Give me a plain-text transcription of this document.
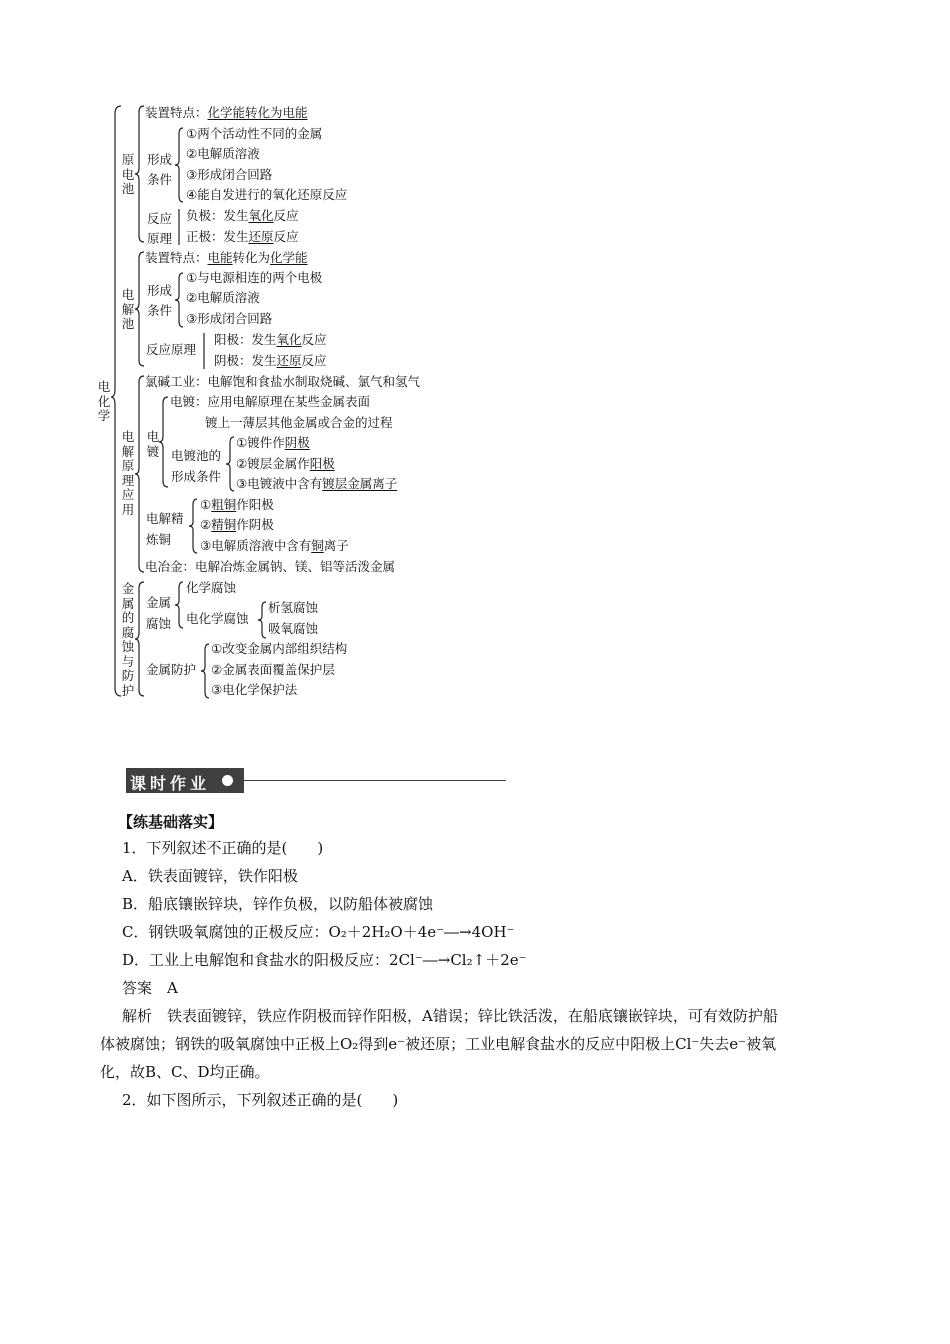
电化学
原电池
装置特点：化学能转化为电能
形成
条件
①两个活动性不同的金属
②电解质溶液
③形成闭合回路
④能自发进行的氧化还原反应
反应
原理
负极：发生氧化反应
正极：发生还原反应
电解池
装置特点：电能转化为化学能
形成
条件
①与电源相连的两个电极
②电解质溶液
③形成闭合回路
反应原理
阳极：发生氧化反应
阴极：发生还原反应
电解原理应用
氯碱工业：电解饱和食盐水制取烧碱、氯气和氢气
电镀
电镀：应用电解原理在某些金属表面
镀上一薄层其他金属或合金的过程
电镀池的
形成条件
①镀件作阴极
②镀层金属作阳极
③电镀液中含有镀层金属离子
电解精
炼铜
①粗铜作阳极
②精铜作阴极
③电解质溶液中含有铜离子
电冶金：电解冶炼金属钠、镁、铝等活泼金属
金属的腐蚀与防护
金属
腐蚀
化学腐蚀
电化学腐蚀
析氢腐蚀
吸氧腐蚀
金属防护
①改变金属内部组织结构
②金属表面覆盖保护层
③电化学保护法
课时作业
【练基础落实】
1．下列叙述不正确的是(　　)
A．铁表面镀锌，铁作阳极
B．船底镶嵌锌块，锌作负极，以防船体被腐蚀
C．钢铁吸氧腐蚀的正极反应：O₂＋2H₂O＋4e⁻―→4OH⁻
D．工业上电解饱和食盐水的阳极反应：2Cl⁻―→Cl₂↑＋2e⁻
答案　A
解析　铁表面镀锌，铁应作阴极而锌作阳极，A错误；锌比铁活泼，在船底镶嵌锌块，可有效防护船
体被腐蚀；钢铁的吸氧腐蚀中正极上O₂得到e⁻被还原；工业电解食盐水的反应中阳极上Cl⁻失去e⁻被氧
化，故B、C、D均正确。
2．如下图所示，下列叙述正确的是(　　)
